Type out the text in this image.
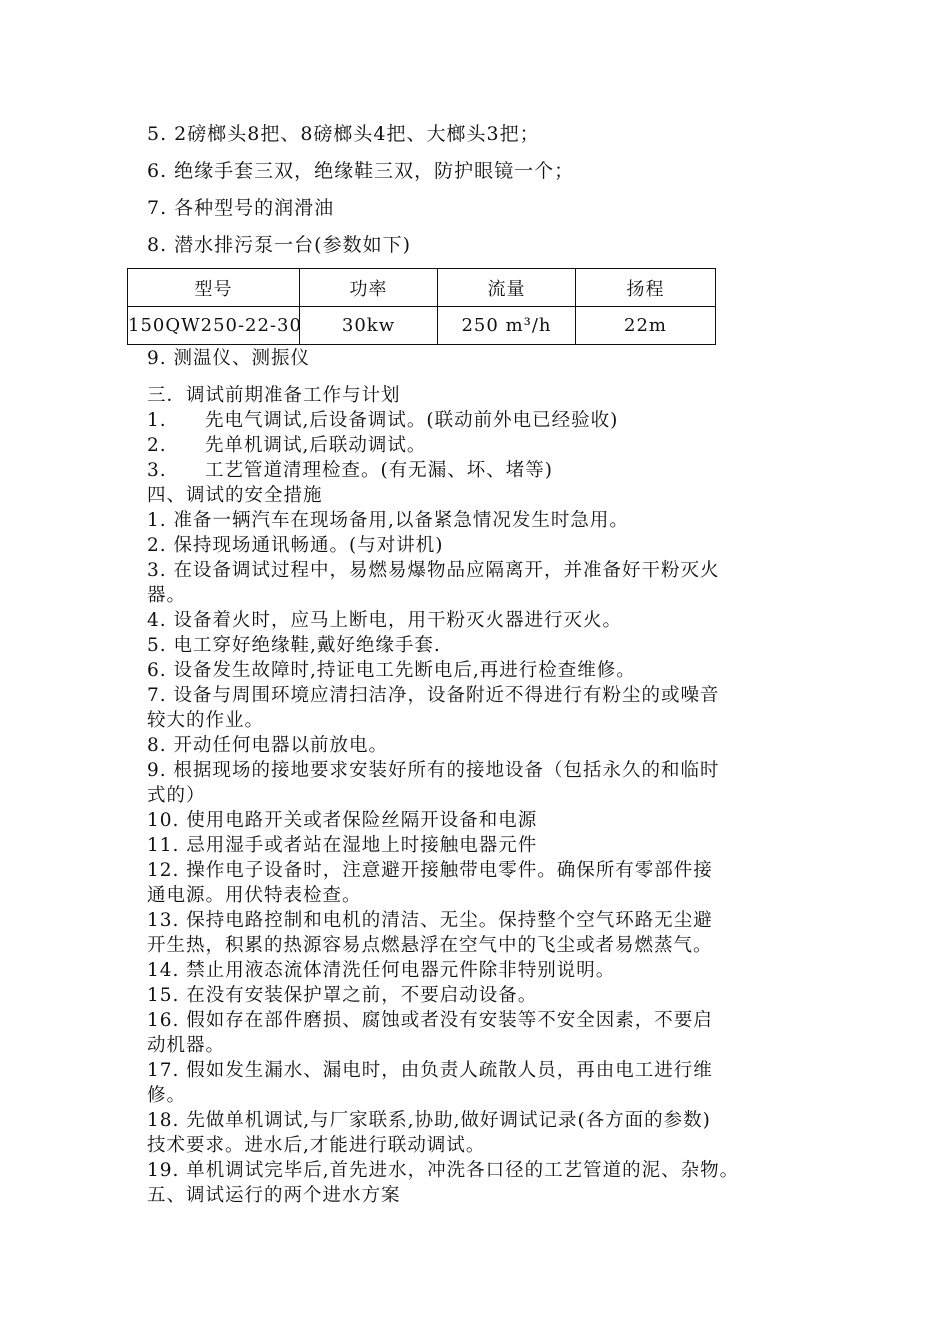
5. 2磅榔头8把、8磅榔头4把、大榔头3把；
6. 绝缘手套三双，绝缘鞋三双，防护眼镜一个；
7. 各种型号的润滑油
8. 潜水排污泵一台(参数如下)
型号	功率	流量	扬程
150QW250-22-30	30kw	250 m³/h	22m
9. 测温仪、测振仪
三．调试前期准备工作与计划
1. 先电气调试,后设备调试。(联动前外电已经验收)
2. 先单机调试,后联动调试。
3. 工艺管道清理检查。(有无漏、坏、堵等)
四、调试的安全措施
1. 准备一辆汽车在现场备用,以备紧急情况发生时急用。
2. 保持现场通讯畅通。(与对讲机)
3. 在设备调试过程中，易燃易爆物品应隔离开，并准备好干粉灭火
器。
4. 设备着火时，应马上断电，用干粉灭火器进行灭火。
5. 电工穿好绝缘鞋,戴好绝缘手套.
6. 设备发生故障时,持证电工先断电后,再进行检查维修。
7. 设备与周围环境应清扫洁净，设备附近不得进行有粉尘的或噪音
较大的作业。
8. 开动任何电器以前放电。
9. 根据现场的接地要求安装好所有的接地设备（包括永久的和临时
式的）
10. 使用电路开关或者保险丝隔开设备和电源
11. 忌用湿手或者站在湿地上时接触电器元件
12. 操作电子设备时，注意避开接触带电零件。确保所有零部件接
通电源。用伏特表检查。
13. 保持电路控制和电机的清洁、无尘。保持整个空气环路无尘避
开生热，积累的热源容易点燃悬浮在空气中的飞尘或者易燃蒸气。
14. 禁止用液态流体清洗任何电器元件除非特别说明。
15. 在没有安装保护罩之前，不要启动设备。
16. 假如存在部件磨损、腐蚀或者没有安装等不安全因素，不要启
动机器。
17. 假如发生漏水、漏电时，由负责人疏散人员，再由电工进行维
修。
18. 先做单机调试,与厂家联系,协助,做好调试记录(各方面的参数)
技术要求。进水后,才能进行联动调试。
19. 单机调试完毕后,首先进水，冲洗各口径的工艺管道的泥、杂物。
五、调试运行的两个进水方案
